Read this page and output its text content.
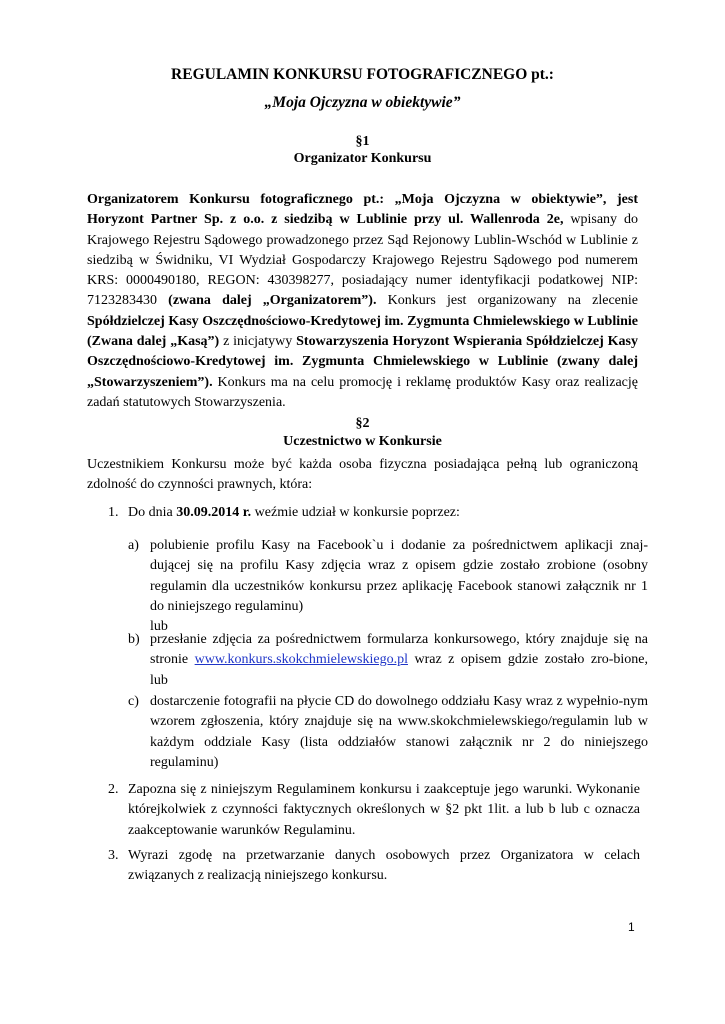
REGULAMIN KONKURSU FOTOGRAFICZNEGO pt.:
„Moja Ojczyzna w obiektywie”
§1
Organizator Konkursu
Organizatorem Konkursu fotograficznego pt.: „Moja Ojczyzna w obiektywie”, jest Horyzont Partner Sp. z o.o. z siedzibą w Lublinie przy ul. Wallenroda 2e, wpisany do Krajowego Rejestru Sądowego prowadzonego przez Sąd Rejonowy Lublin-Wschód w Lublinie z siedzibą w Świdniku, VI Wydział Gospodarczy Krajowego Rejestru Sądowego pod numerem KRS: 0000490180, REGON: 430398277, posiadający numer identyfikacji podatkowej NIP: 7123283430 (zwana dalej „Organizatorem”). Konkurs jest organizowany na zlecenie Spółdzielczej Kasy Oszczędnościowo-Kredytowej im. Zygmunta Chmielewskiego w Lublinie (Zwana dalej „Kasą”) z inicjatywy Stowarzyszenia Horyzont Wspierania Spółdzielczej Kasy Oszczędnościowo-Kredytowej im. Zygmunta Chmielewskiego w Lublinie (zwany dalej „Stowarzyszeniem”). Konkurs ma na celu promocję i reklamę produktów Kasy oraz realizację zadań statutowych Stowarzyszenia.
§2
Uczestnictwo w Konkursie
Uczestnikiem Konkursu może być każda osoba fizyczna posiadająca pełną lub ograniczoną zdolność do czynności prawnych, która:
1. Do dnia 30.09.2014 r. weźmie udział w konkursie poprzez:
a) polubienie profilu Kasy na Facebook`u i dodanie za pośrednictwem aplikacji znaj-dującej się na profilu Kasy zdjęcia wraz z opisem gdzie zostało zrobione (osobny regulamin dla uczestników konkursu przez aplikację Facebook stanowi załącznik nr 1 do niniejszego regulaminu)
lub
b) przesłanie zdjęcia za pośrednictwem formularza konkursowego, który znajduje się na stronie www.konkurs.skokchmielewskiego.pl wraz z opisem gdzie zostało zro-bione, lub
c) dostarczenie fotografii na płycie CD do dowolnego oddziału Kasy wraz z wypełnio-nym wzorem zgłoszenia, który znajduje się na www.skokchmielewskiego/regulamin lub w każdym oddziale Kasy (lista oddziałów stanowi załącznik nr 2 do niniejszego regulaminu)
2. Zapozna się z niniejszym Regulaminem konkursu i zaakceptuje jego warunki. Wykonanie którejkolwiek z czynności faktycznych określonych w §2 pkt 1lit. a lub b lub c oznacza zaakceptowanie warunków Regulaminu.
3. Wyrazi zgodę na przetwarzanie danych osobowych przez Organizatora w celach związanych z realizacją niniejszego konkursu.
1
